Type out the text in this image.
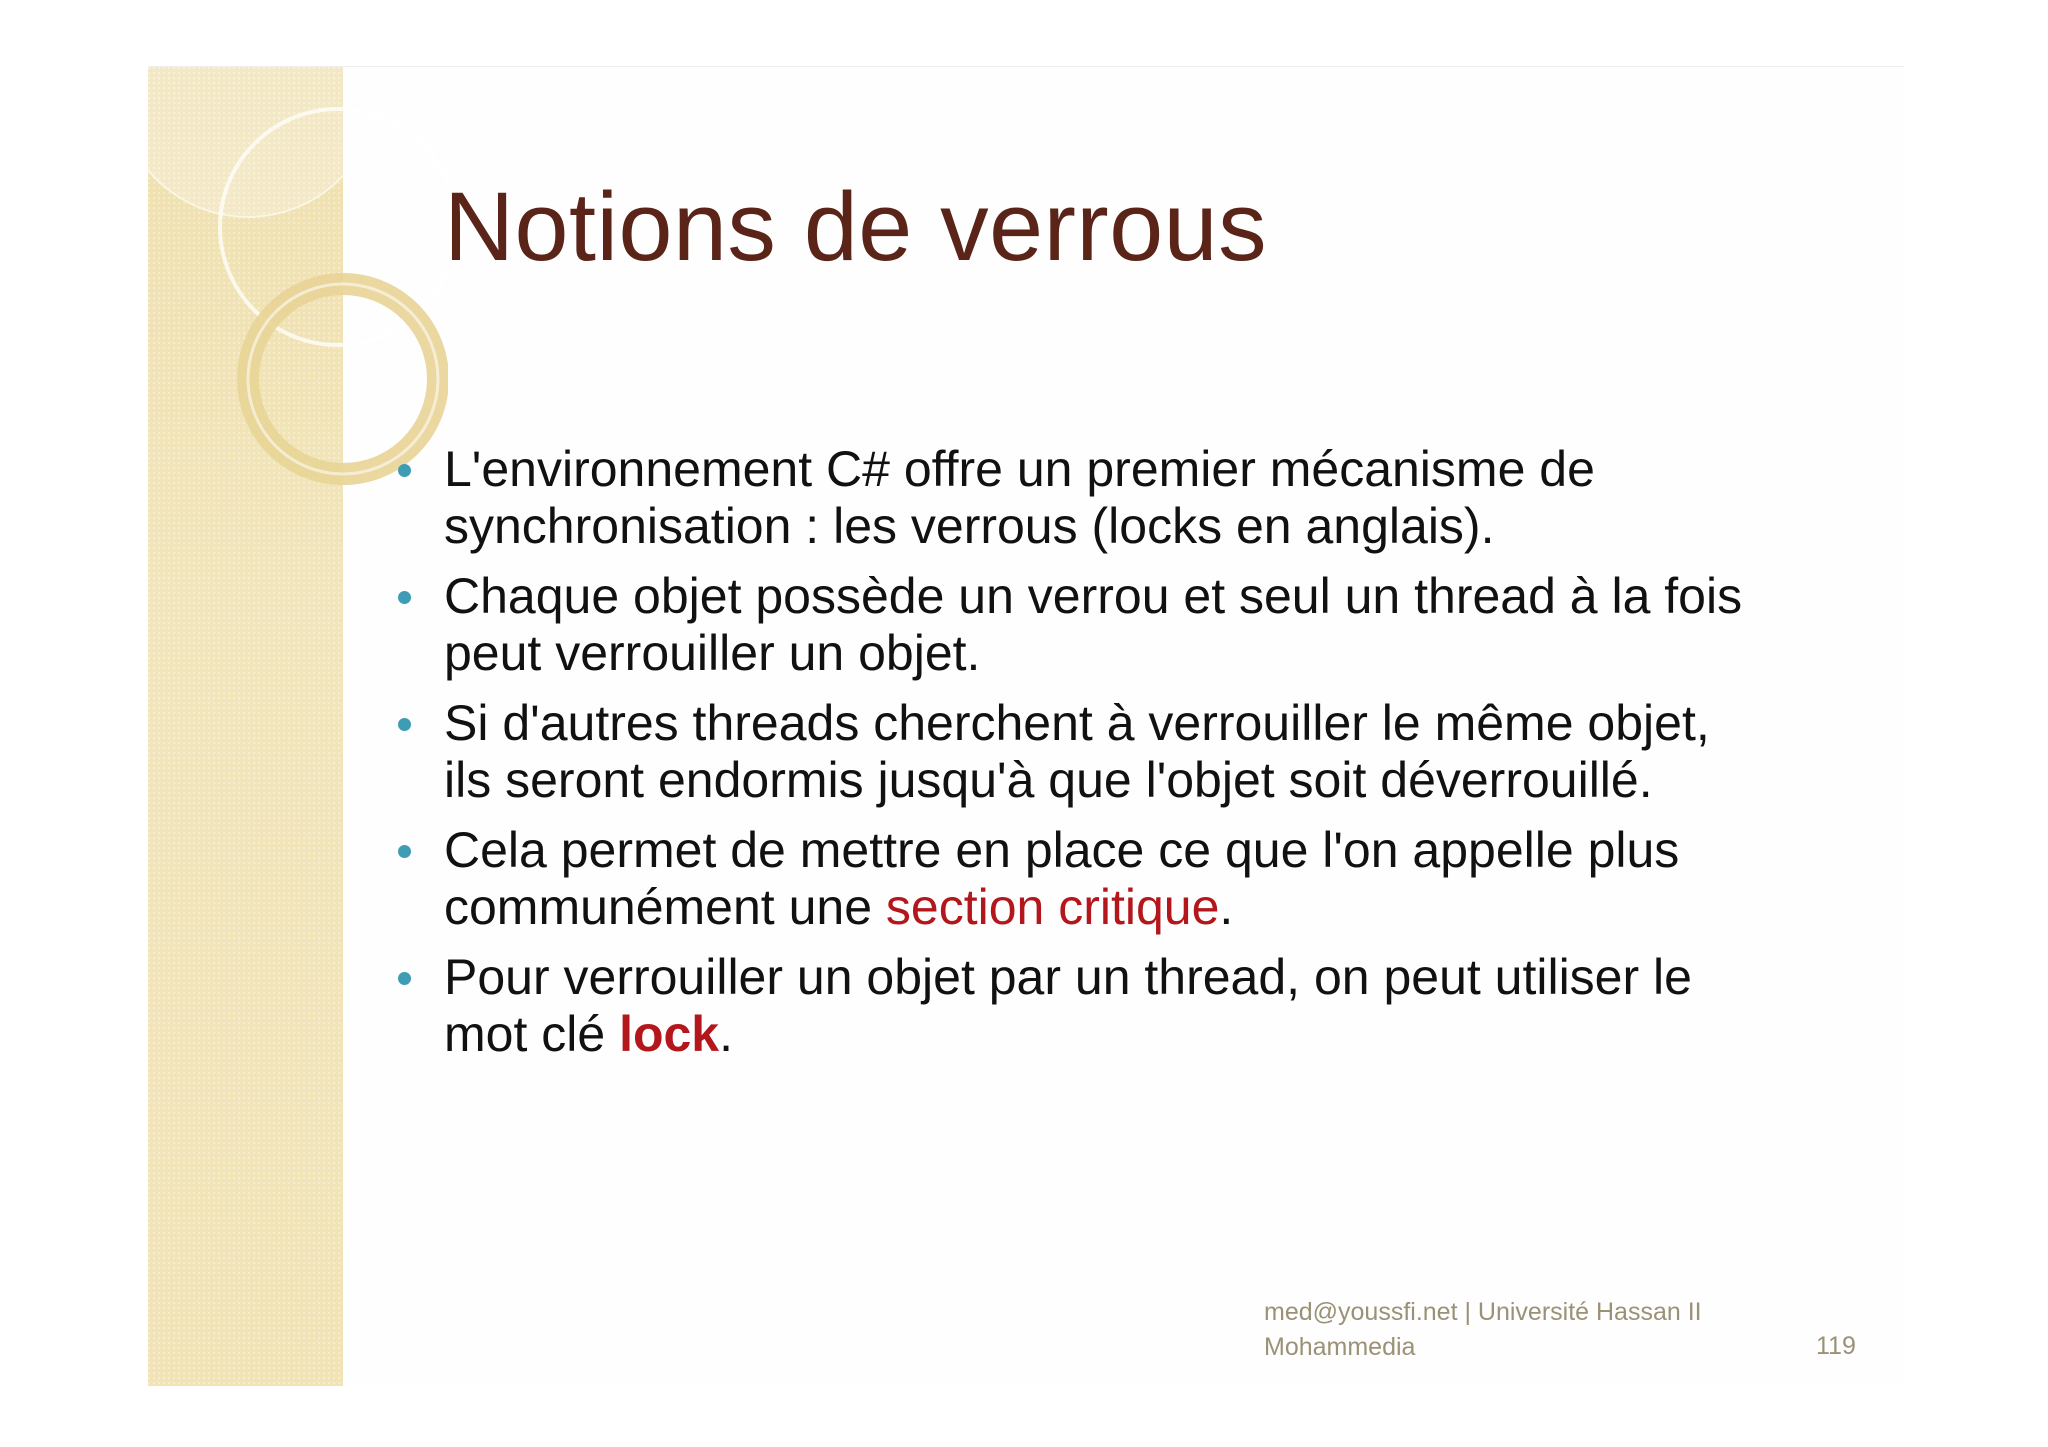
Notions de verrous
L'environnement C# offre un premier mécanisme de
synchronisation : les verrous (locks en anglais).
Chaque objet possède un verrou et seul un thread à la fois
peut verrouiller un objet.
Si d'autres threads cherchent à verrouiller le même objet,
ils seront endormis jusqu'à que l'objet soit déverrouillé.
Cela permet de mettre en place ce que l'on appelle plus
communément une section critique.
Pour verrouiller un objet par un thread, on peut utiliser le
mot clé lock.
med@youssfi.net | Université Hassan II
Mohammedia	119
